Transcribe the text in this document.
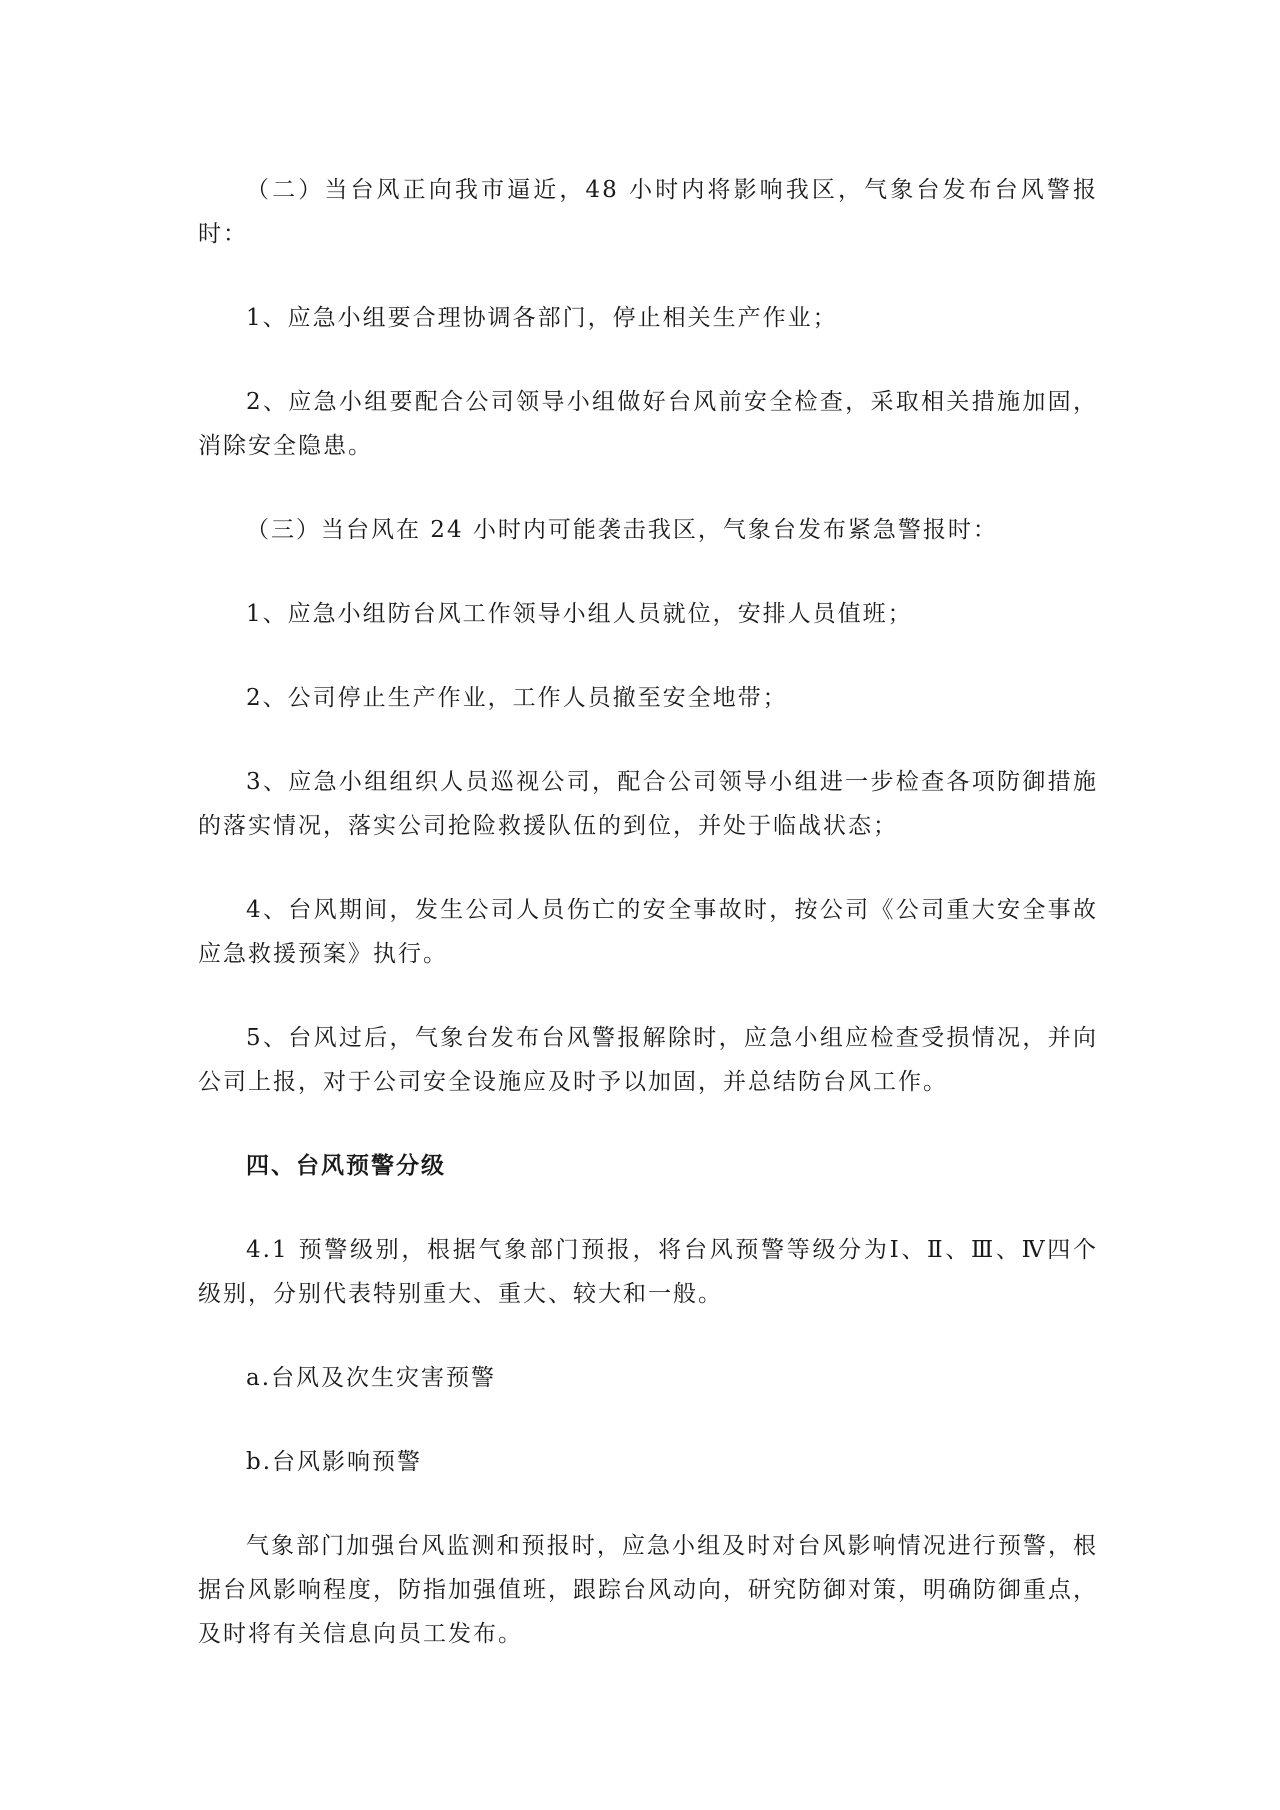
（二）当台风正向我市逼近，48 小时内将影响我区，气象台发布台风警报时：

1、应急小组要合理协调各部门，停止相关生产作业；

2、应急小组要配合公司领导小组做好台风前安全检查，采取相关措施加固，消除安全隐患。

（三）当台风在 24 小时内可能袭击我区，气象台发布紧急警报时：

1、应急小组防台风工作领导小组人员就位，安排人员值班；

2、公司停止生产作业，工作人员撤至安全地带；

3、应急小组组织人员巡视公司，配合公司领导小组进一步检查各项防御措施的落实情况，落实公司抢险救援队伍的到位，并处于临战状态；

4、台风期间，发生公司人员伤亡的安全事故时，按公司《公司重大安全事故应急救援预案》执行。

5、台风过后，气象台发布台风警报解除时，应急小组应检查受损情况，并向公司上报，对于公司安全设施应及时予以加固，并总结防台风工作。

四、台风预警分级

4.1 预警级别，根据气象部门预报，将台风预警等级分为Ⅰ、Ⅱ、Ⅲ、Ⅳ四个级别，分别代表特别重大、重大、较大和一般。

a.台风及次生灾害预警

b.台风影响预警

气象部门加强台风监测和预报时，应急小组及时对台风影响情况进行预警，根据台风影响程度，防指加强值班，跟踪台风动向，研究防御对策，明确防御重点，及时将有关信息向员工发布。
